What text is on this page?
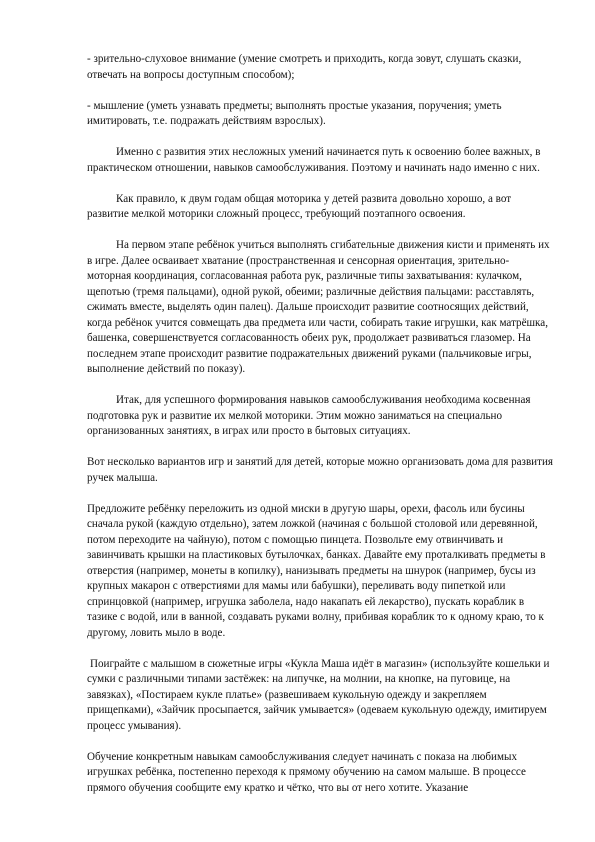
- зрительно-слуховое внимание (умение смотреть и приходить, когда зовут, слушать сказки, отвечать на вопросы доступным способом);

- мышление (уметь узнавать предметы; выполнять простые указания, поручения; уметь имитировать, т.е. подражать действиям взрослых).

Именно с развития этих несложных умений начинается путь к освоению более важных, в практическом отношении, навыков самообслуживания. Поэтому и начинать надо именно с них.

Как правило, к двум годам общая моторика у детей развита довольно хорошо, а вот развитие мелкой моторики сложный процесс, требующий поэтапного освоения.

На первом этапе ребёнок учиться выполнять сгибательные движения кисти и применять их в игре. Далее осваивает хватание (пространственная и сенсорная ориентация, зрительно-моторная координация, согласованная работа рук, различные типы захватывания: кулачком, щепотью (тремя пальцами), одной рукой, обеими; различные действия пальцами: расставлять, сжимать вместе, выделять один палец). Дальше происходит развитие соотносящих действий, когда ребёнок учится совмещать два предмета или части, собирать такие игрушки, как матрёшка, башенка, совершенствуется согласованность обеих рук, продолжает развиваться глазомер. На последнем этапе происходит развитие подражательных движений руками (пальчиковые игры, выполнение действий по показу).

Итак, для успешного формирования навыков самообслуживания необходима косвенная подготовка рук и развитие их мелкой моторики. Этим можно заниматься на специально организованных занятиях, в играх или просто в бытовых ситуациях.

Вот несколько вариантов игр и занятий для детей, которые можно организовать дома для развития ручек малыша.

Предложите ребёнку переложить из одной миски в другую шары, орехи, фасоль или бусины сначала рукой (каждую отдельно), затем ложкой (начиная с большой столовой или деревянной, потом переходите на чайную), потом с помощью пинцета. Позвольте ему отвинчивать и завинчивать крышки на пластиковых бутылочках, банках. Давайте ему проталкивать предметы в отверстия (например, монеты в копилку), нанизывать предметы на шнурок (например, бусы из крупных макарон с отверстиями для мамы или бабушки), переливать воду пипеткой или спринцовкой (например, игрушка заболела, надо накапать ей лекарство), пускать кораблик в тазике с водой, или в ванной, создавать руками волну, прибивая кораблик то к одному краю, то к другому, ловить мыло в воде.

Поиграйте с малышом в сюжетные игры «Кукла Маша идёт в магазин» (используйте кошельки и сумки с различными типами застёжек: на липучке, на молнии, на кнопке, на пуговице, на завязках), «Постираем кукле платье» (развешиваем кукольную одежду и закрепляем прищепками), «Зайчик просыпается, зайчик умывается» (одеваем кукольную одежду, имитируем процесс умывания).

Обучение конкретным навыкам самообслуживания следует начинать с показа на любимых игрушках ребёнка, постепенно переходя к прямому обучению на самом малыше. В процессе прямого обучения сообщите ему кратко и чётко, что вы от него хотите. Указание
